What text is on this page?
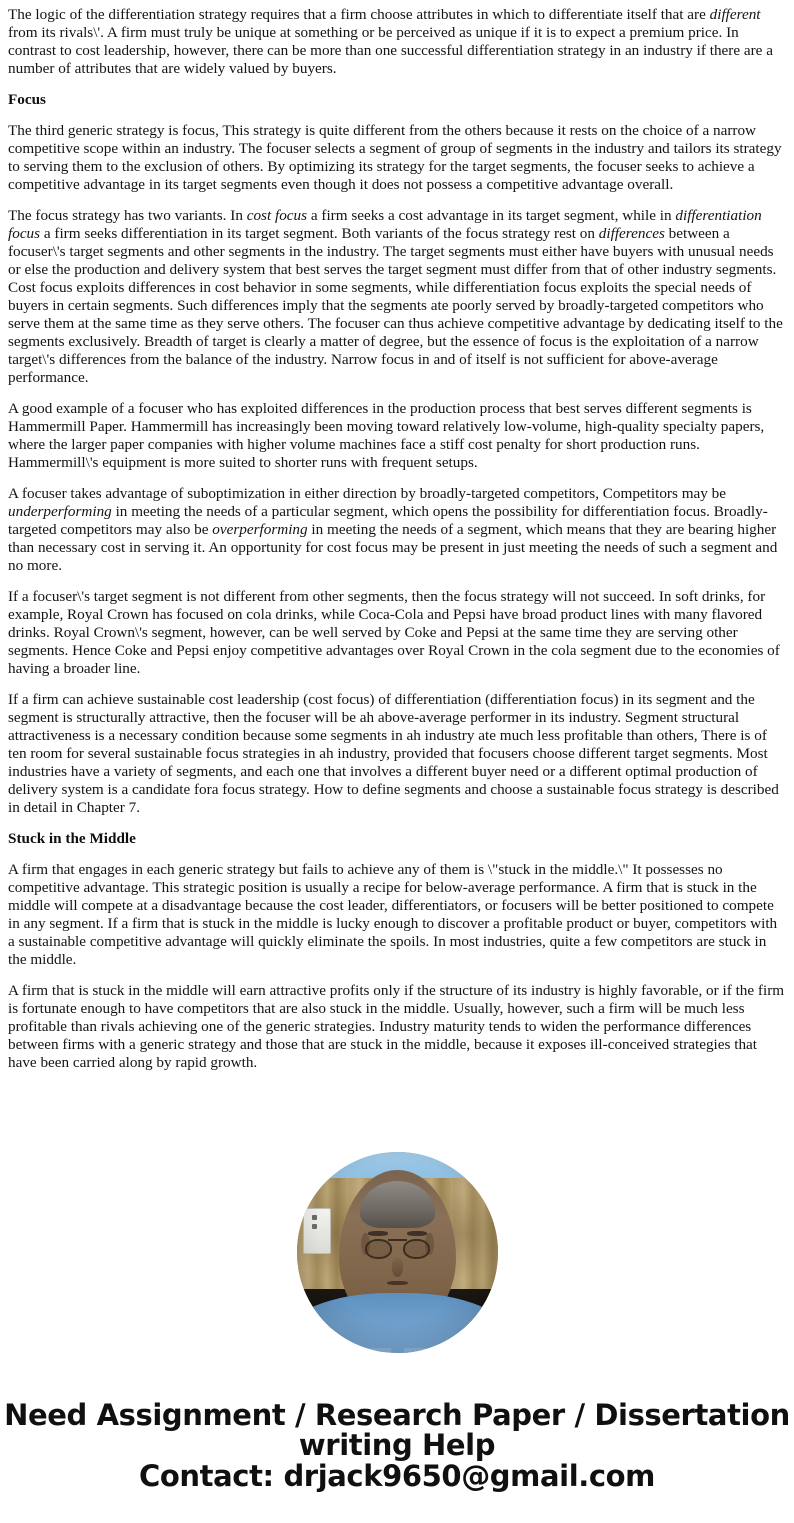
The logic of the differentiation strategy requires that a firm choose attributes in which to differentiate itself that are different from its rivals\'. A firm must truly be unique at something or be perceived as unique if it is to expect a premium price. In contrast to cost leadership, however, there can be more than one successful differentiation strategy in an industry if there are a number of attributes that are widely valued by buyers.

Focus

The third generic strategy is focus, This strategy is quite different from the others because it rests on the choice of a narrow competitive scope within an industry. The focuser selects a segment of group of segments in the industry and tailors its strategy to serving them to the exclusion of others. By optimizing its strategy for the target segments, the focuser seeks to achieve a competitive advantage in its target segments even though it does not possess a competitive advantage overall.

The focus strategy has two variants. In cost focus a firm seeks a cost advantage in its target segment, while in differentiation focus a firm seeks differentiation in its target segment. Both variants of the focus strategy rest on differences between a focuser\'s target segments and other segments in the industry. The target segments must either have buyers with unusual needs or else the production and delivery system that best serves the target segment must differ from that of other industry segments. Cost focus exploits differences in cost behavior in some segments, while differentiation focus exploits the special needs of buyers in certain segments. Such differences imply that the segments ate poorly served by broadly-targeted competitors who serve them at the same time as they serve others. The focuser can thus achieve competitive advantage by dedicating itself to the segments exclusively. Breadth of target is clearly a matter of degree, but the essence of focus is the exploitation of a narrow target\'s differences from the balance of the industry. Narrow focus in and of itself is not sufficient for above-average performance.

A good example of a focuser who has exploited differences in the production process that best serves different segments is Hammermill Paper. Hammermill has increasingly been moving toward relatively low-volume, high-quality specialty papers, where the larger paper companies with higher volume machines face a stiff cost penalty for short production runs. Hammermill\'s equipment is more suited to shorter runs with frequent setups.

A focuser takes advantage of suboptimization in either direction by broadly-targeted competitors, Competitors may be underperforming in meeting the needs of a particular segment, which opens the possibility for differentiation focus. Broadly-targeted competitors may also be overperforming in meeting the needs of a segment, which means that they are bearing higher than necessary cost in serving it. An opportunity for cost focus may be present in just meeting the needs of such a segment and no more.

If a focuser\'s target segment is not different from other segments, then the focus strategy will not succeed. In soft drinks, for example, Royal Crown has focused on cola drinks, while Coca-Cola and Pepsi have broad product lines with many flavored drinks. Royal Crown\'s segment, however, can be well served by Coke and Pepsi at the same time they are serving other segments. Hence Coke and Pepsi enjoy competitive advantages over Royal Crown in the cola segment due to the economies of having a broader line.

If a firm can achieve sustainable cost leadership (cost focus) of differentiation (differentiation focus) in its segment and the segment is structurally attractive, then the focuser will be ah above-average performer in its industry. Segment structural attractiveness is a necessary condition because some segments in ah industry ate much less profitable than others, There is of ten room for several sustainable focus strategies in ah industry, provided that focusers choose different target segments. Most industries have a variety of segments, and each one that involves a different buyer need or a different optimal production of delivery system is a candidate fora focus strategy. How to define segments and choose a sustainable focus strategy is described in detail in Chapter 7.

Stuck in the Middle

A firm that engages in each generic strategy but fails to achieve any of them is \"stuck in the middle.\" It possesses no competitive advantage. This strategic position is usually a recipe for below-average performance. A firm that is stuck in the middle will compete at a disadvantage because the cost leader, differentiators, or focusers will be better positioned to compete in any segment. If a firm that is stuck in the middle is lucky enough to discover a profitable product or buyer, competitors with a sustainable competitive advantage will quickly eliminate the spoils. In most industries, quite a few competitors are stuck in the middle.

A firm that is stuck in the middle will earn attractive profits only if the structure of its industry is highly favorable, or if the firm is fortunate enough to have competitors that are also stuck in the middle. Usually, however, such a firm will be much less profitable than rivals achieving one of the generic strategies. Industry maturity tends to widen the performance differences between firms with a generic strategy and those that are stuck in the middle, because it exposes ill-conceived strategies that have been carried along by rapid growth.

Need Assignment / Research Paper / Dissertation
writing Help
Contact: drjack9650@gmail.com
